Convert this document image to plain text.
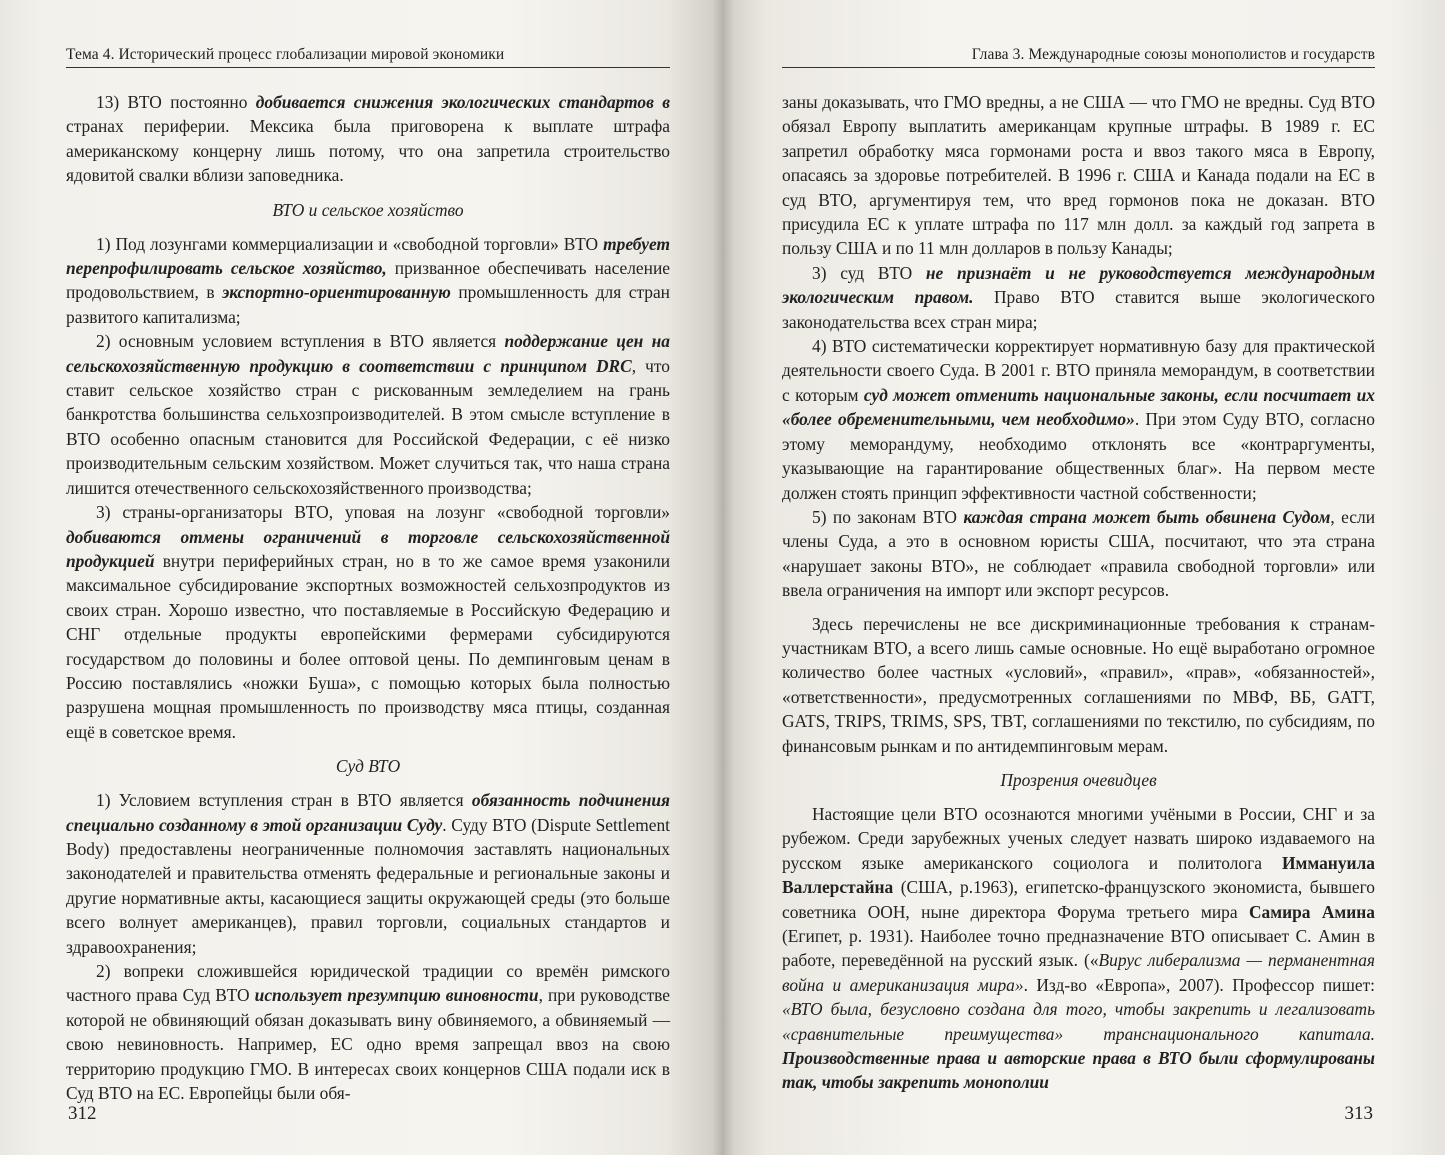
Тема 4. Исторический процесс глобализации мировой экономики

13) ВТО постоянно добивается снижения экологических стандартов в странах периферии. Мексика была приговорена к выплате штрафа американскому концерну лишь потому, что она запретила строительство ядовитой свалки вблизи заповедника.

ВТО и сельское хозяйство

1) Под лозунгами коммерциализации и «свободной торговли» ВТО требует перепрофилировать сельское хозяйство, призванное обеспечивать население продовольствием, в экспортно-ориентированную промышленность для стран развитого капитализма;

2) основным условием вступления в ВТО является поддержание цен на сельскохозяйственную продукцию в соответствии с принципом DRC, что ставит сельское хозяйство стран с рискованным земледелием на грань банкротства большинства сельхозпроизводителей. В этом смысле вступление в ВТО особенно опасным становится для Российской Федерации, с её низко производительным сельским хозяйством. Может случиться так, что наша страна лишится отечественного сельскохозяйственного производства;

3) страны-организаторы ВТО, уповая на лозунг «свободной торговли» добиваются отмены ограничений в торговле сельскохозяйственной продукцией внутри периферийных стран, но в то же самое время узаконили максимальное субсидирование экспортных возможностей сельхозпродуктов из своих стран. Хорошо известно, что поставляемые в Российскую Федерацию и СНГ отдельные продукты европейскими фермерами субсидируются государством до половины и более оптовой цены. По демпинговым ценам в Россию поставлялись «ножки Буша», с помощью которых была полностью разрушена мощная промышленность по производству мяса птицы, созданная ещё в советское время.

Суд ВТО

1) Условием вступления стран в ВТО является обязанность подчинения специально созданному в этой организации Суду. Суду ВТО (Dispute Settlement Body) предоставлены неограниченные полномочия заставлять национальных законодателей и правительства отменять федеральные и региональные законы и другие нормативные акты, касающиеся защиты окружающей среды (это больше всего волнует американцев), правил торговли, социальных стандартов и здравоохранения;

2) вопреки сложившейся юридической традиции со времён римского частного права Суд ВТО использует презумпцию виновности, при руководстве которой не обвиняющий обязан доказывать вину обвиняемого, а обвиняемый — свою невиновность. Например, ЕС одно время запрещал ввоз на свою территорию продукцию ГМО. В интересах своих концернов США подали иск в Суд ВТО на ЕС. Европейцы были обя-

312
Глава 3. Международные союзы монополистов и государств

заны доказывать, что ГМО вредны, а не США — что ГМО не вредны. Суд ВТО обязал Европу выплатить американцам крупные штрафы. В 1989 г. ЕС запретил обработку мяса гормонами роста и ввоз такого мяса в Европу, опасаясь за здоровье потребителей. В 1996 г. США и Канада подали на ЕС в суд ВТО, аргументируя тем, что вред гормонов пока не доказан. ВТО присудила ЕС к уплате штрафа по 117 млн долл. за каждый год запрета в пользу США и по 11 млн долларов в пользу Канады;

3) суд ВТО не признаёт и не руководствуется международным экологическим правом. Право ВТО ставится выше экологического законодательства всех стран мира;

4) ВТО систематически корректирует нормативную базу для практической деятельности своего Суда. В 2001 г. ВТО приняла меморандум, в соответствии с которым суд может отменить национальные законы, если посчитает их «более обременительными, чем необходимо». При этом Суду ВТО, согласно этому меморандуму, необходимо отклонять все «контраргументы, указывающие на гарантирование общественных благ». На первом месте должен стоять принцип эффективности частной собственности;

5) по законам ВТО каждая страна может быть обвинена Судом, если члены Суда, а это в основном юристы США, посчитают, что эта страна «нарушает законы ВТО», не соблюдает «правила свободной торговли» или ввела ограничения на импорт или экспорт ресурсов.

Здесь перечислены не все дискриминационные требования к странам-участникам ВТО, а всего лишь самые основные. Но ещё выработано огромное количество более частных «условий», «правил», «прав», «обязанностей», «ответственности», предусмотренных соглашениями по МВФ, ВБ, GATT, GATS, TRIPS, TRIMS, SPS, TBT, соглашениями по текстилю, по субсидиям, по финансовым рынкам и по антидемпинговым мерам.

Прозрения очевидцев

Настоящие цели ВТО осознаются многими учёными в России, СНГ и за рубежом. Среди зарубежных ученых следует назвать широко издаваемого на русском языке американского социолога и политолога Иммануила Валлерстайна (США, р.1963), египетско-французского экономиста, бывшего советника ООН, ныне директора Форума третьего мира Самира Амина (Египет, р. 1931). Наиболее точно предназначение ВТО описывает С. Амин в работе, переведённой на русский язык. («Вирус либерализма — перманентная война и американизация мира». Изд-во «Европа», 2007). Профессор пишет: «ВТО была, безусловно создана для того, чтобы закрепить и легализовать «сравнительные преимущества» транснационального капитала. Производственные права и авторские права в ВТО были сформулированы так, чтобы закрепить монополии

313
